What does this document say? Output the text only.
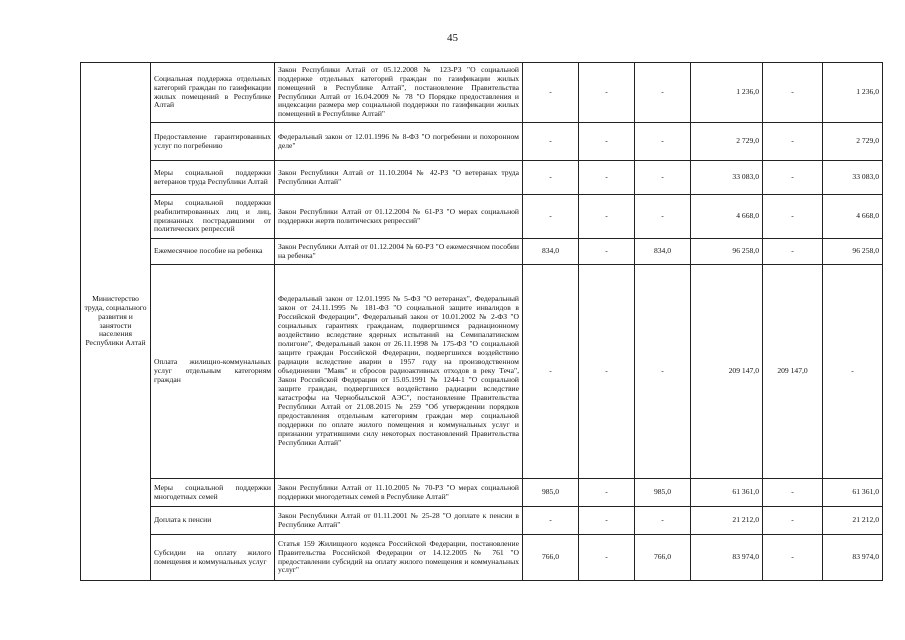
45
Министерство труда, социального развития и занятости населения Республики Алтай	Социальная поддержка отдельных категорий граждан по газификации жилых помещений в Республике Алтай	Закон Республики Алтай от 05.12.2008 № 123-РЗ "О социальной поддержке отдельных категорий граждан по газификации жилых помещений в Республике Алтай", постановление Правительства Республики Алтай от 16.04.2009 № 78 "О Порядке предоставления и индексации размера мер социальной поддержки по газификации жилых помещений в Республике Алтай"	-	-	-	1 236,0	-	1 236,0
	Предоставление гарантированных услуг по погребению	Федеральный закон от 12.01.1996 № 8-ФЗ "О погребении и похоронном деле"	-	-	-	2 729,0	-	2 729,0
	Меры социальной поддержки ветеранов труда Республики Алтай	Закон Республики Алтай от 11.10.2004 № 42-РЗ "О ветеранах труда Республики Алтай"	-	-	-	33 083,0	-	33 083,0
	Меры социальной поддержки реабилитированных лиц и лиц, признанных пострадавшими от политических репрессий	Закон Республики Алтай от 01.12.2004 № 61-РЗ "О мерах социальной поддержки жертв политических репрессий"	-	-	-	4 668,0	-	4 668,0
	Ежемесячное пособие на ребенка	Закон Республики Алтай от 01.12.2004 № 60-РЗ "О ежемесячном пособии на ребенка"	834,0	-	834,0	96 258,0	-	96 258,0
	Оплата жилищно-коммунальных услуг отдельным категориям граждан	Федеральный закон от 12.01.1995 № 5-ФЗ "О ветеранах", Федеральный закон от 24.11.1995 № 181-ФЗ "О социальной защите инвалидов в Российской Федерации", Федеральный закон от 10.01.2002 № 2-ФЗ "О социальных гарантиях гражданам, подвергшимся радиационному воздействию вследствие ядерных испытаний на Семипалатинском полигоне", Федеральный закон от 26.11.1998 № 175-ФЗ "О социальной защите граждан Российской Федерации, подвергшихся воздействию радиации вследствие аварии в 1957 году на производственном объединении "Маяк" и сбросов радиоактивных отходов в реку Теча", Закон Российской Федерации от 15.05.1991 № 1244-1 "О социальной защите граждан, подвергшихся воздействию радиации вследствие катастрофы на Чернобыльской АЭС", постановление Правительства Республики Алтай от 21.08.2015 № 259 "Об утверждении порядков предоставления отдельным категориям граждан мер социальной поддержки по оплате жилого помещения и коммунальных услуг и признании утратившими силу некоторых постановлений Правительства Республики Алтай"	-	-	-	209 147,0	209 147,0	-
	Меры социальной поддержки многодетных семей	Закон Республики Алтай от 11.10.2005 № 70-РЗ "О мерах социальной поддержки многодетных семей в Республике Алтай"	985,0	-	985,0	61 361,0	-	61 361,0
	Доплата к пенсии	Закон Республики Алтай от 01.11.2001 № 25-28 "О доплате к пенсии в Республике Алтай"	-	-	-	21 212,0	-	21 212,0
	Субсидии на оплату жилого помещения и коммунальных услуг	Статья 159 Жилищного кодекса Российской Федерации, постановление Правительства Российской Федерации от 14.12.2005 № 761 "О предоставлении субсидий на оплату жилого помещения и коммунальных услуг"	766,0	-	766,0	83 974,0	-	83 974,0
